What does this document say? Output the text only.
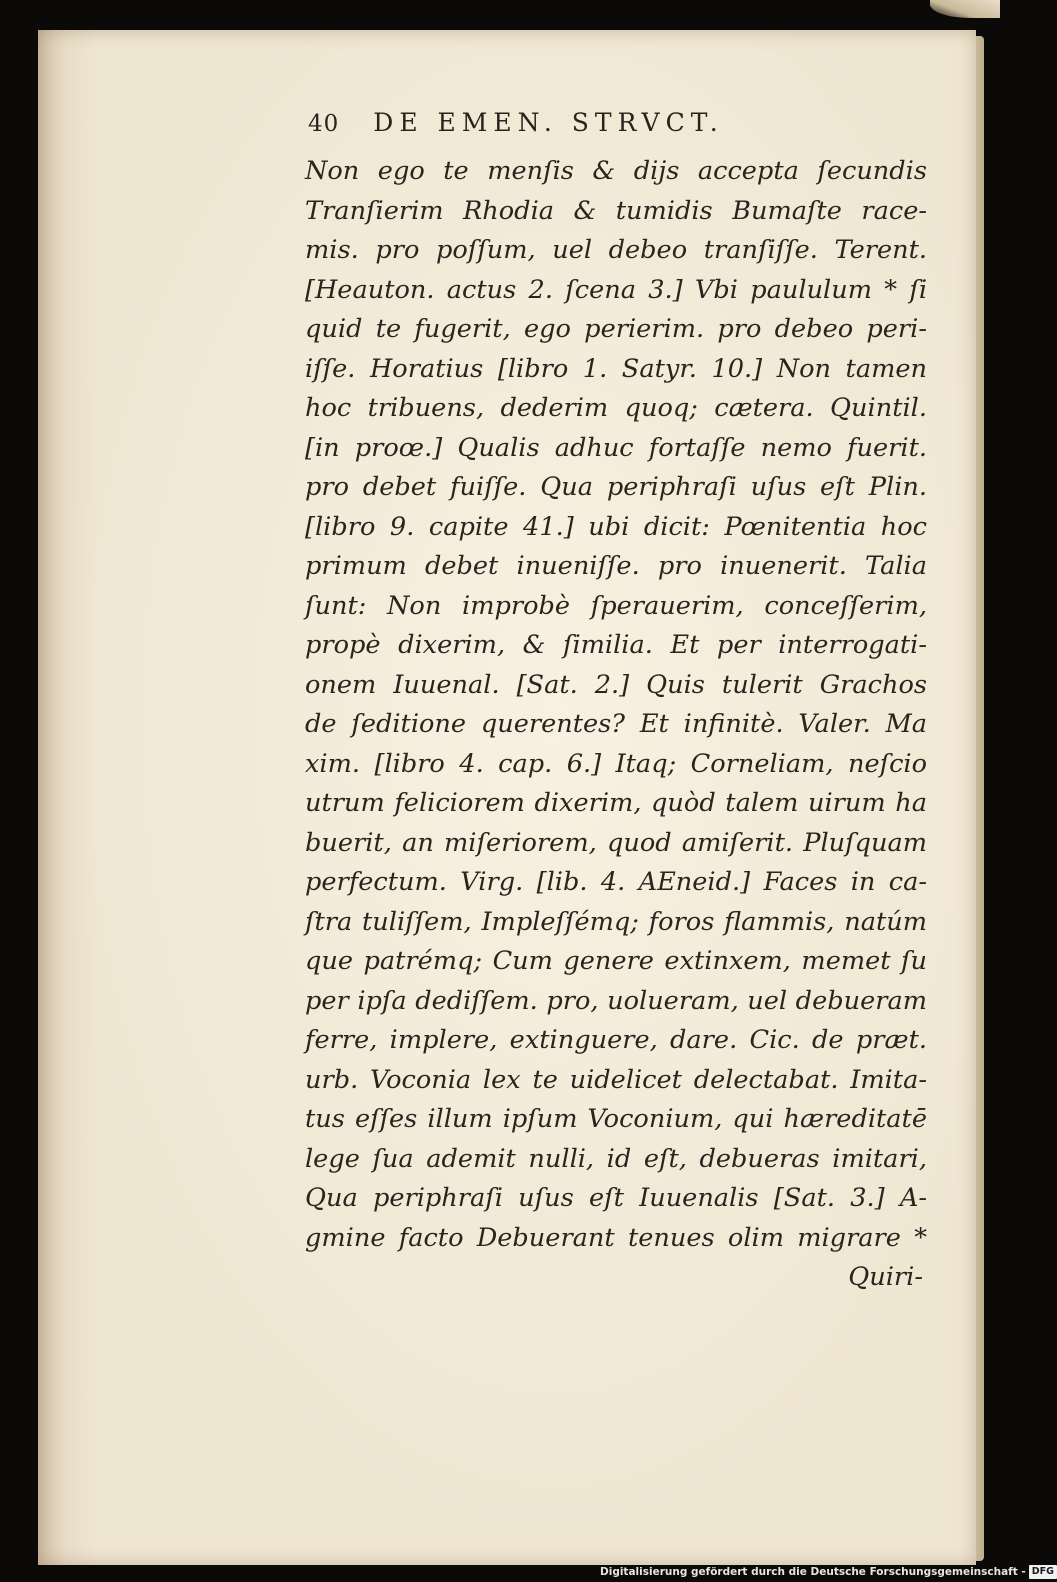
40 DE EMEN. STRVCT.
Non ego te menſis & dijs accepta ſecundis
Tranſierim Rhodia & tumidis Bumaſte race-
mis. pro poſſum, uel debeo tranſiſſe. Terent.
[Heauton. actus 2. ſcena 3.] Vbi paululum * ſi
quid te fugerit, ego perierim. pro debeo peri-
iſſe. Horatius [libro 1. Satyr. 10.] Non tamen
hoc tribuens, dederim quoq; cætera. Quintil.
[in proœ.] Qualis adhuc fortaſſe nemo fuerit.
pro debet fuiſſe. Qua periphraſi uſus eſt Plin.
[libro 9. capite 41.] ubi dicit: Pœnitentia hoc
primum debet inueniſſe. pro inuenerit. Talia
ſunt: Non improbè ſperauerim, conceſſerim,
propè dixerim, & ſimilia. Et per interrogati-
onem Iuuenal. [Sat. 2.] Quis tulerit Grachos
de ſeditione querentes? Et infinitè. Valer. Ma
xim. [libro 4. cap. 6.] Itaq; Corneliam, neſcio
utrum feliciorem dixerim, quòd talem uirum ha
buerit, an miſeriorem, quod amiſerit. Pluſquam
perfectum. Virg. [lib. 4. AEneid.] Faces in ca-
ſtra tuliſſem, Impleſſémq; foros flammis, natúm
que patrémq; Cum genere extinxem, memet ſu
per ipſa dediſſem. pro, uolueram, uel debueram
ferre, implere, extinguere, dare. Cic. de præt.
urb. Voconia lex te uidelicet delectabat. Imita-
tus eſſes illum ipſum Voconium, qui hæreditatē
lege ſua ademit nulli, id eſt, debueras imitari,
Qua periphraſi uſus eſt Iuuenalis [Sat. 3.] A-
gmine facto Debuerant tenues olim migrare *
Quiri-
Digitalisierung gefördert durch die Deutsche Forschungsgemeinschaft - DFG
